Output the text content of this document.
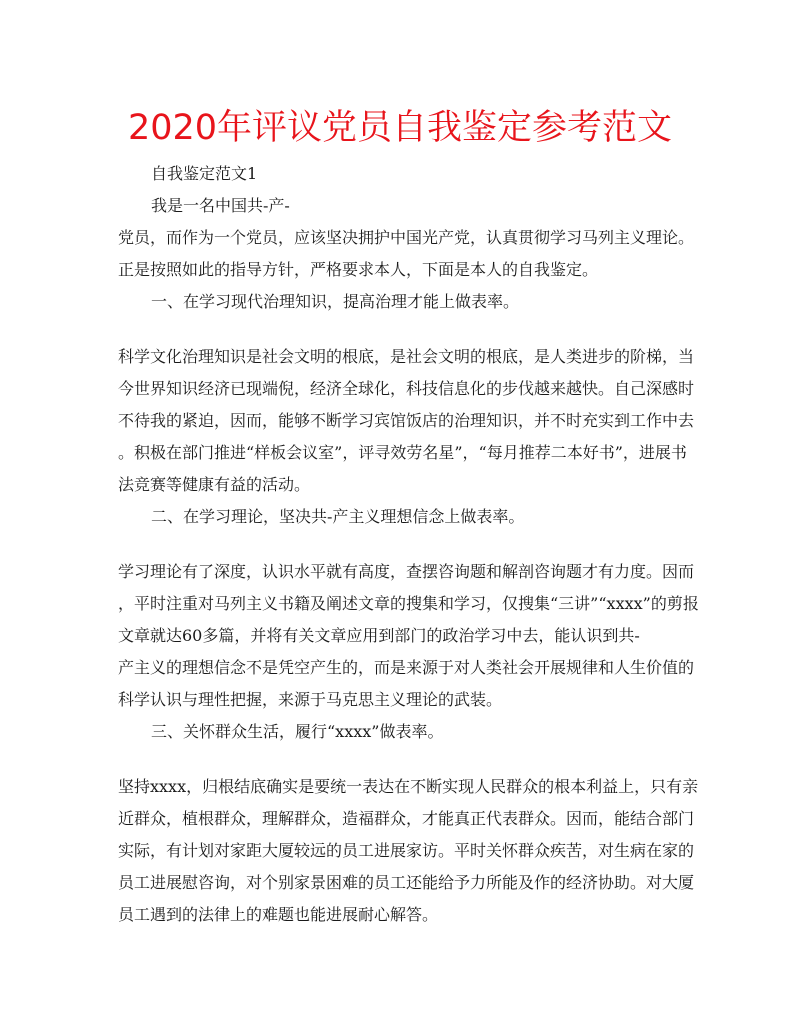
2020年评议党员自我鉴定参考范文

自我鉴定范文1

我是一名中国共-产-

党员，而作为一个党员，应该坚决拥护中国光产党，认真贯彻学习马列主义理论。

正是按照如此的指导方针，严格要求本人，下面是本人的自我鉴定。

一、在学习现代治理知识，提高治理才能上做表率。

科学文化治理知识是社会文明的根底，是社会文明的根底，是人类进步的阶梯，当

今世界知识经济已现端倪，经济全球化，科技信息化的步伐越来越快。自己深感时

不待我的紧迫，因而，能够不断学习宾馆饭店的治理知识，并不时充实到工作中去

。积极在部门推进“样板会议室”，评寻效劳名星”，“每月推荐二本好书”，进展书

法竞赛等健康有益的活动。

二、在学习理论，坚决共-产主义理想信念上做表率。

学习理论有了深度，认识水平就有高度，查摆咨询题和解剖咨询题才有力度。因而

，平时注重对马列主义书籍及阐述文章的搜集和学习，仅搜集“三讲”“xxxx”的剪报

文章就达60多篇，并将有关文章应用到部门的政治学习中去，能认识到共-

产主义的理想信念不是凭空产生的，而是来源于对人类社会开展规律和人生价值的

科学认识与理性把握，来源于马克思主义理论的武装。

三、关怀群众生活，履行“xxxx”做表率。

坚持xxxx，归根结底确实是要统一表达在不断实现人民群众的根本利益上，只有亲

近群众，植根群众，理解群众，造福群众，才能真正代表群众。因而，能结合部门

实际，有计划对家距大厦较远的员工进展家访。平时关怀群众疾苦，对生病在家的

员工进展慰咨询，对个别家景困难的员工还能给予力所能及作的经济协助。对大厦

员工遇到的法律上的难题也能进展耐心解答。
